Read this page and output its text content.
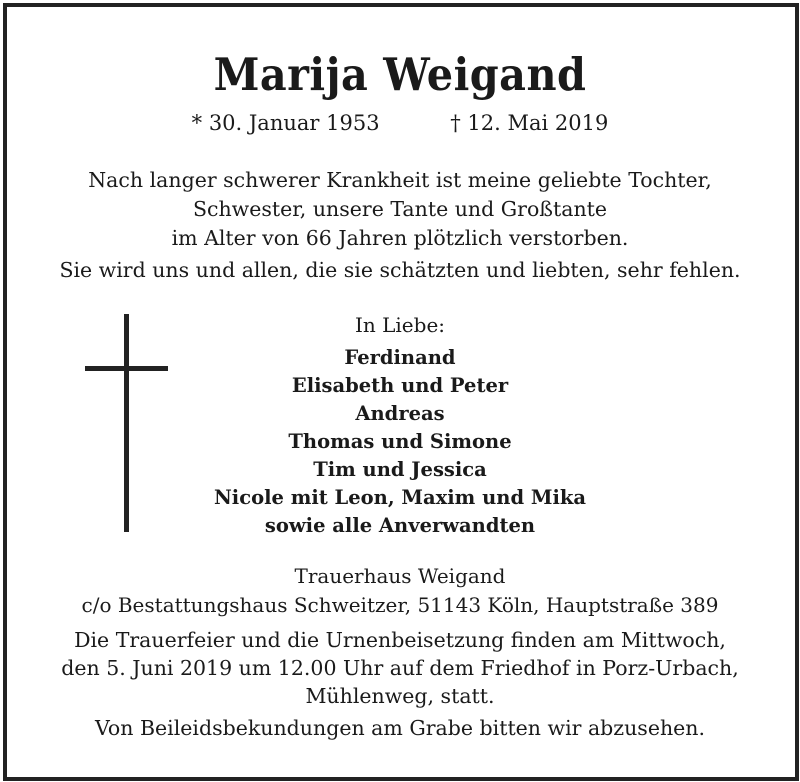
Marija Weigand
* 30. Januar 1953	† 12. Mai 2019
Nach langer schwerer Krankheit ist meine geliebte Tochter,
Schwester, unsere Tante und Großtante
im Alter von 66 Jahren plötzlich verstorben.
Sie wird uns und allen, die sie schätzten und liebten, sehr fehlen.
In Liebe:
Ferdinand
Elisabeth und Peter
Andreas
Thomas und Simone
Tim und Jessica
Nicole mit Leon, Maxim und Mika
sowie alle Anverwandten
Trauerhaus Weigand
c/o Bestattungshaus Schweitzer, 51143 Köln, Hauptstraße 389
Die Trauerfeier und die Urnenbeisetzung finden am Mittwoch,
den 5. Juni 2019 um 12.00 Uhr auf dem Friedhof in Porz-Urbach,
Mühlenweg, statt.
Von Beileidsbekundungen am Grabe bitten wir abzusehen.
